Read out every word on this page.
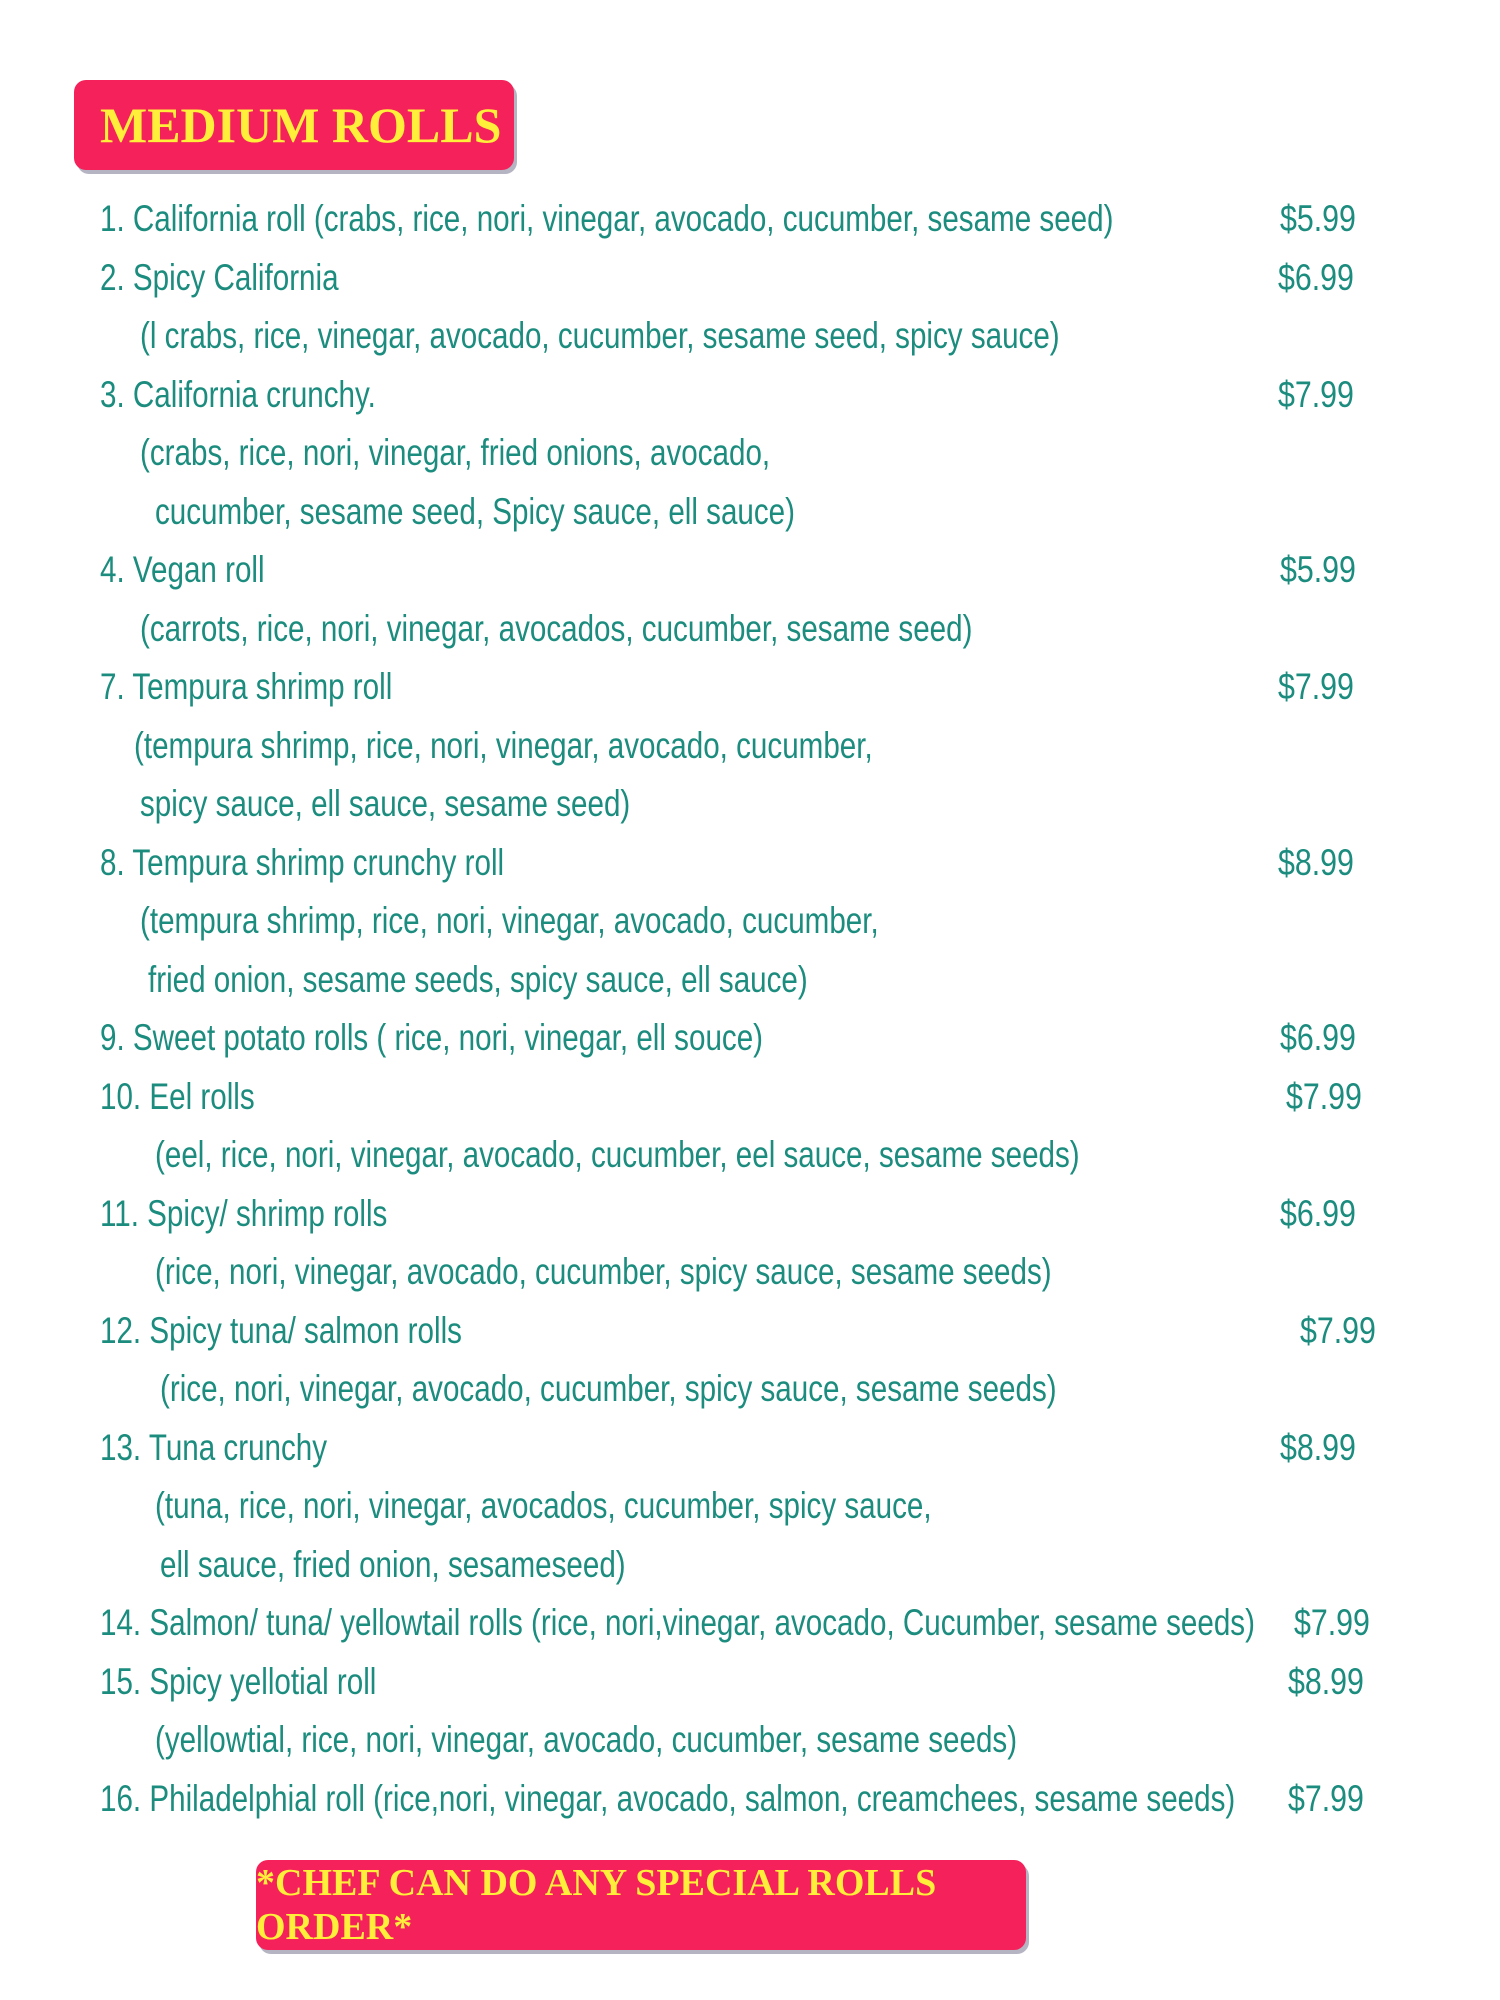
MEDIUM ROLLS
1. California roll (crabs, rice, nori, vinegar, avocado, cucumber, sesame seed)	$5.99
2. Spicy California	$6.99
(l crabs, rice, vinegar, avocado, cucumber, sesame seed, spicy sauce)
3. California crunchy.	$7.99
(crabs, rice, nori, vinegar, fried onions, avocado,
cucumber, sesame seed, Spicy sauce, ell sauce)
4. Vegan roll	$5.99
(carrots, rice, nori, vinegar, avocados, cucumber, sesame seed)
7. Tempura shrimp roll	$7.99
(tempura shrimp, rice, nori, vinegar, avocado, cucumber,
spicy sauce, ell sauce, sesame seed)
8. Tempura shrimp crunchy roll	$8.99
(tempura shrimp, rice, nori, vinegar, avocado, cucumber,
fried onion, sesame seeds, spicy sauce, ell sauce)
9. Sweet potato rolls ( rice, nori, vinegar, ell souce)	$6.99
10. Eel rolls	$7.99
(eel, rice, nori, vinegar, avocado, cucumber, eel sauce, sesame seeds)
11. Spicy/ shrimp rolls	$6.99
(rice, nori, vinegar, avocado, cucumber, spicy sauce, sesame seeds)
12. Spicy tuna/ salmon rolls	$7.99
(rice, nori, vinegar, avocado, cucumber, spicy sauce, sesame seeds)
13. Tuna crunchy	$8.99
(tuna, rice, nori, vinegar, avocados, cucumber, spicy sauce,
ell sauce, fried onion, sesameseed)
14. Salmon/ tuna/ yellowtail rolls (rice, nori,vinegar, avocado, Cucumber, sesame seeds)	$7.99
15. Spicy yellotial roll	$8.99
(yellowtial, rice, nori, vinegar, avocado, cucumber, sesame seeds)
16. Philadelphial roll (rice,nori, vinegar, avocado, salmon, creamchees, sesame seeds)	$7.99
*CHEF CAN DO ANY SPECIAL ROLLS ORDER*
